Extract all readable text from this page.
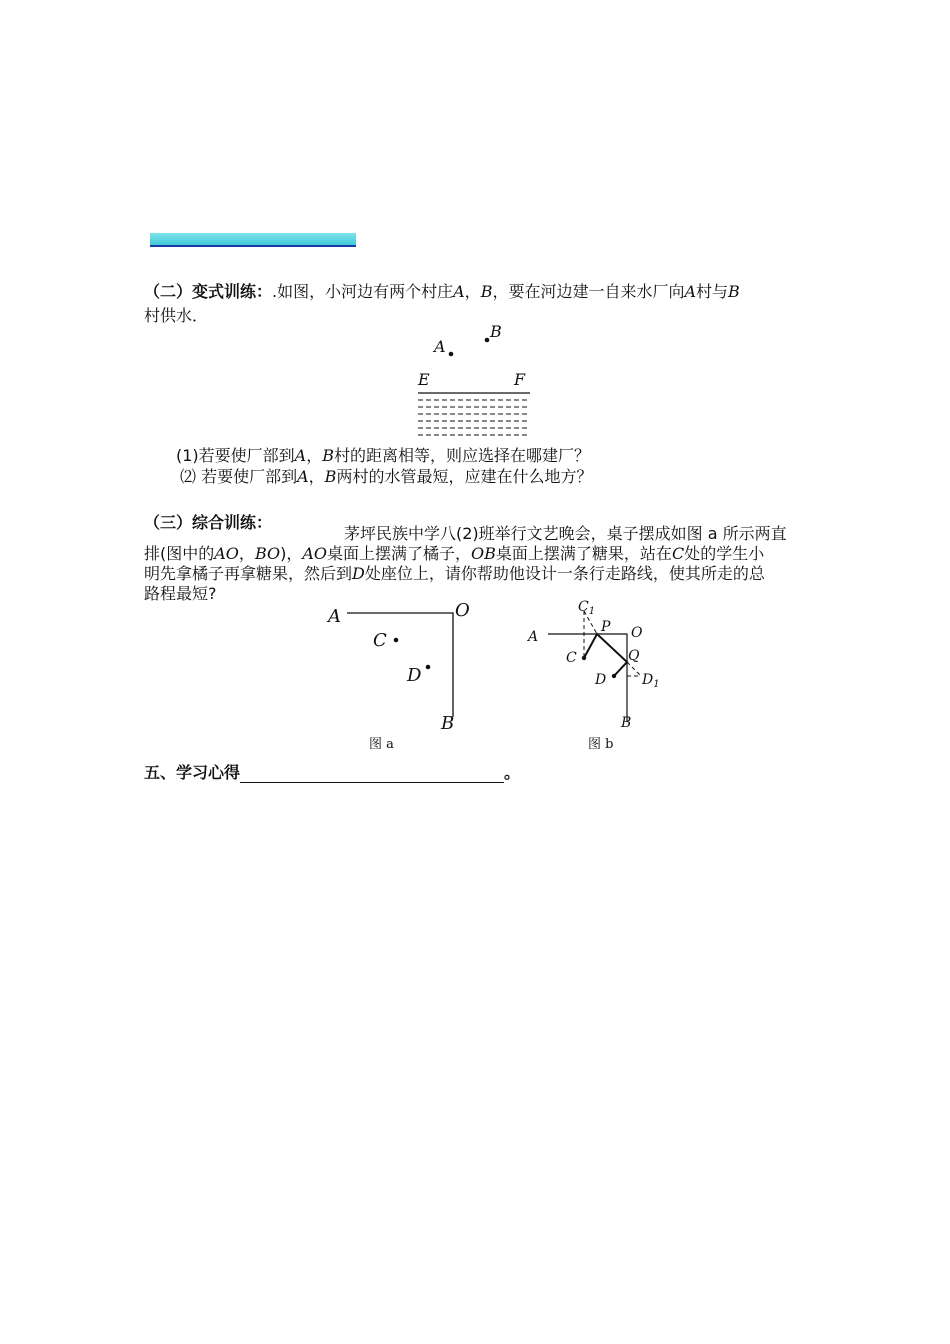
（二）变式训练：.如图，小河边有两个村庄A，B，要在河边建一自来水厂向A村与B
村供水．
A
B
E	F
(1)若要使厂部到A，B村的距离相等，则应选择在哪建厂？
⑵ 若要使厂部到A，B两村的水管最短，应建在什么地方？
（三）综合训练：
茅坪民族中学八(2)班举行文艺晚会，桌子摆成如图 a 所示两直
排(图中的AO，BO)，AO桌面上摆满了橘子，OB桌面上摆满了糖果，站在C处的学生小
明先拿橘子再拿糖果，然后到D处座位上，请你帮助他设计一条行走路线，使其所走的总
路程最短?
A	O
C
D
B
图 a
$C_1$
A
P O
C	Q
D	$D_1$
B
图 b
五、学习心得	。
